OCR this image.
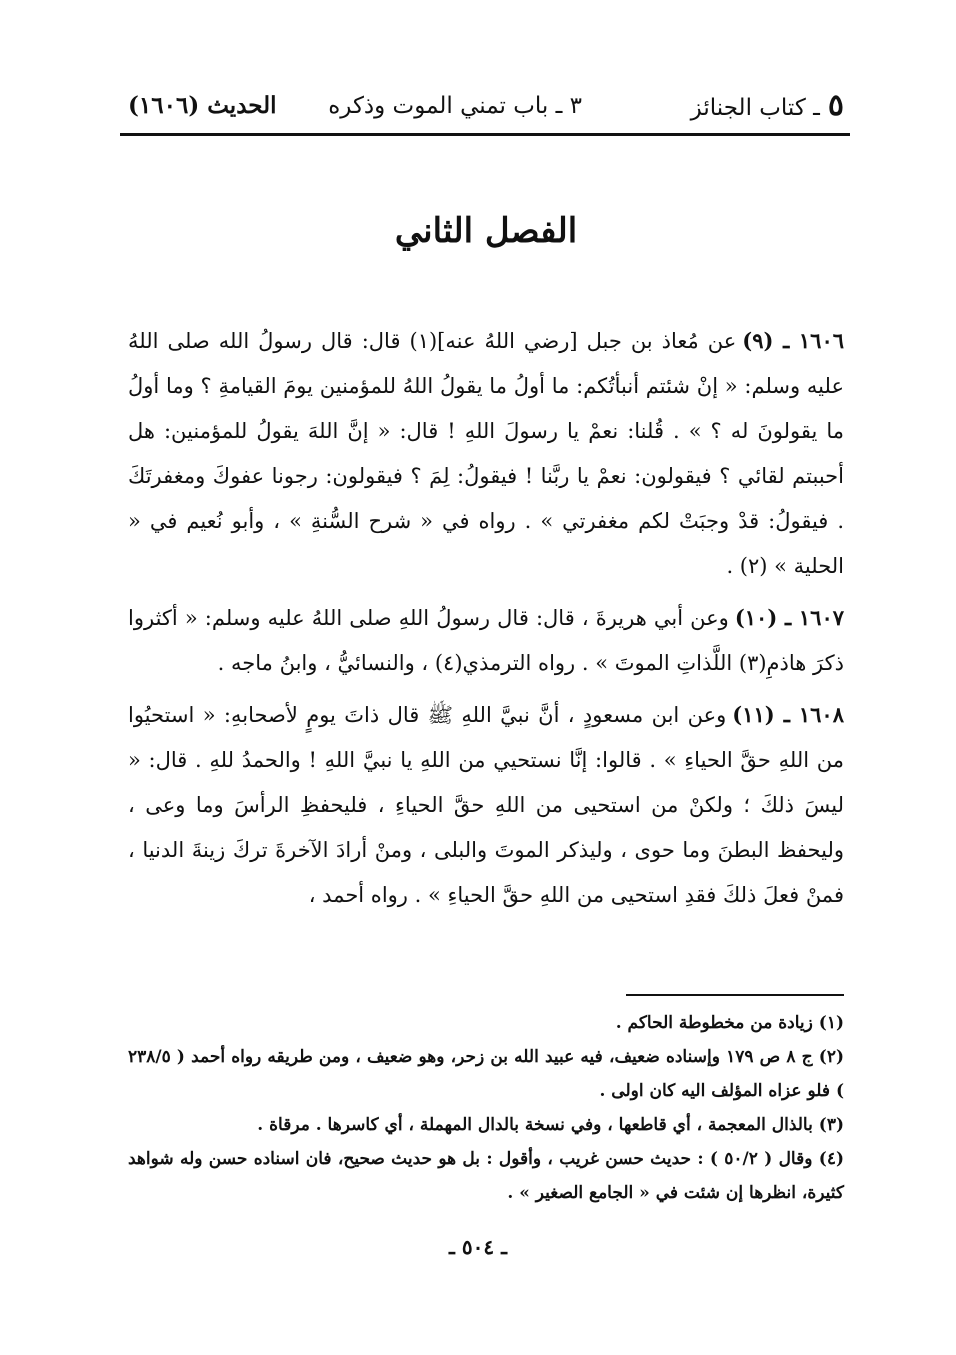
٥ـ كتاب الجنائز
٣ ـ باب تمني الموت وذكره
الحديث (١٦٠٦)
الفصل الثاني

١٦٠٦ ـ (٩)عن مُعاذ بن جبل [رضي اللهُ عنه](١) قال: قال رسولُ الله صلى اللهُ عليه وسلم: « إنْ شئتم أنبأتُكم: ما أولُ ما يقولُ اللهُ للمؤمنين يومَ القيامةِ ؟ وما أولُ ما يقولونَ له ؟ » . قُلنا: نعمْ يا رسولَ اللهِ ! قال: « إنَّ اللهَ يقولُ للمؤمنين: هل أحببتم لقائي ؟ فيقولون: نعمْ يا ربَّنا ! فيقولُ: لِمَ ؟ فيقولون: رجونا عفوكَ ومغفرتَكَ . فيقولُ: قدْ وجبَتْ لكم مغفرتي » . رواه في « شرح السُّنةِ » ، وأبو نُعيم في « الحلية » (٢) .

١٦٠٧ ـ (١٠)وعن أبي هريرةَ ، قال: قال رسولُ اللهِ صلى اللهُ عليه وسلم: « أكثروا ذكرَ هاذمِ(٣) اللَّذاتِ الموتَ » . رواه الترمذي(٤) ، والنسائيُّ ، وابنُ ماجه .

١٦٠٨ ـ (١١)وعن ابن مسعودٍ ، أنَّ نبيَّ اللهِ ﷺ قال ذاتَ يومٍ لأصحابهِ: « استحيُوا من اللهِ حقَّ الحياءِ » . قالوا: إنَّا نستحيي من اللهِ يا نبيَّ اللهِ ! والحمدُ للهِ . قال: « ليسَ ذلكَ ؛ ولكنْ من استحيى من اللهِ حقَّ الحياءِ ، فليحفظِ الرأسَ وما وعى ، وليحفظ البطنَ وما حوى ، وليذكر الموتَ والبلى ، ومنْ أرادَ الآخرةَ تركَ زينةَ الدنيا ، فمنْ فعلَ ذلكَ فقدِ استحيى من اللهِ حقَّ الحياءِ » . رواه أحمد ،

(١) زيادة من مخطوطة الحاكم .

(٢) ج ٨ ص ١٧٩ وإسناده ضعيف، فيه عبيد الله بن زحر، وهو ضعيف ، ومن طريقه رواه أحمد ( ٢٣٨/٥ ) فلو عزاه المؤلف اليه كان اولى .

(٣) بالذال المعجمة ، أي قاطعها ، وفي نسخة بالدال المهملة ، أي كاسرها . مرقاة .

(٤) وقال ( ٥٠/٢ ) : حديث حسن غريب ، وأقول : بل هو حديث صحيح، فان اسناده حسن وله شواهد كثيرة، انظرها إن شئت في « الجامع الصغير » .

ـ ٥٠٤ ـ
